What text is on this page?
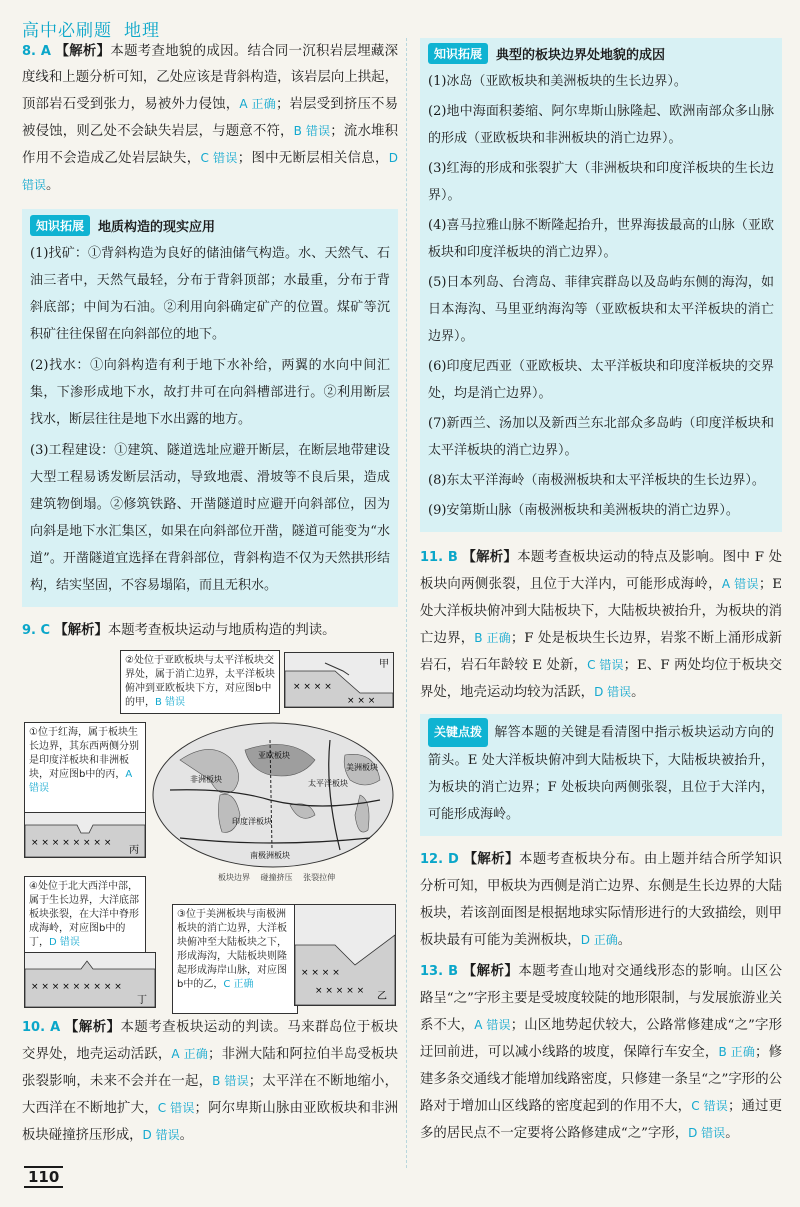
高中必刷题 地理

8. A 【解析】本题考查地貌的成因。结合同一沉积岩层埋藏深度线和上题分析可知，乙处应该是背斜构造，该岩层向上拱起，顶部岩石受到张力，易被外力侵蚀，A 正确；岩层受到挤压不易被侵蚀，则乙处不会缺失岩层，与题意不符，B 错误；流水堆积作用不会造成乙处岩层缺失，C 错误；图中无断层相关信息，D 错误。

知识拓展	地质构造的现实应用

(1)找矿：①背斜构造为良好的储油储气构造。水、天然气、石油三者中，天然气最轻，分布于背斜顶部；水最重，分布于背斜底部；中间为石油。②利用向斜确定矿产的位置。煤矿等沉积矿往往保留在向斜部位的地下。

(2)找水：①向斜构造有利于地下水补给，两翼的水向中间汇集，下渗形成地下水，故打井可在向斜槽部进行。②利用断层找水，断层往往是地下水出露的地方。

(3)工程建设：①建筑、隧道选址应避开断层，在断层地带建设大型工程易诱发断层活动，导致地震、滑坡等不良后果，造成建筑物倒塌。②修筑铁路、开凿隧道时应避开向斜部位，因为向斜是地下水汇集区，如果在向斜部位开凿，隧道可能变为“水道”。开凿隧道宜选择在背斜部位，背斜构造不仅为天然拱形结构，结实坚固，不容易塌陷，而且无积水。

9. C 【解析】本题考查板块运动与地质构造的判读。

②处位于亚欧板块与太平洋板块交界处，属于消亡边界，太平洋板块俯冲到亚欧板块下方，对应图b中的甲，B 错误
× × × ×
× × ×
甲
①位于红海，属于板块生长边界，其东西两侧分别是印度洋板块和非洲板块，对应图b中的丙，A 错误
× × × × × × × ×
丙
太平洋板块
印度洋板块
南极洲板块
亚欧板块
非洲板块
美洲板块
板块边界　 碰撞挤压　 张裂拉伸
④处位于北大西洋中部，属于生长边界，大洋底部板块张裂，在大洋中脊形成海岭，对应图b中的丁，D 错误
× × × × × × × × ×
丁
③位于美洲板块与南极洲板块的消亡边界，大洋板块俯冲至大陆板块之下，形成海沟，大陆板块则隆起形成海岸山脉，对应图b中的乙，C 正确
× × × ×
× × × × × 乙

10. A 【解析】本题考查板块运动的判读。马来群岛位于板块交界处，地壳运动活跃，A 正确；非洲大陆和阿拉伯半岛受板块张裂影响，未来不会并在一起，B 错误；太平洋在不断地缩小，大西洋在不断地扩大，C 错误；阿尔卑斯山脉由亚欧板块和非洲板块碰撞挤压形成，D 错误。

知识拓展	典型的板块边界处地貌的成因

(1)冰岛（亚欧板块和美洲板块的生长边界）。

(2)地中海面积萎缩、阿尔卑斯山脉隆起、欧洲南部众多山脉的形成（亚欧板块和非洲板块的消亡边界）。

(3)红海的形成和张裂扩大（非洲板块和印度洋板块的生长边界）。

(4)喜马拉雅山脉不断隆起抬升，世界海拔最高的山脉（亚欧板块和印度洋板块的消亡边界）。

(5)日本列岛、台湾岛、菲律宾群岛以及岛屿东侧的海沟，如日本海沟、马里亚纳海沟等（亚欧板块和太平洋板块的消亡边界）。

(6)印度尼西亚（亚欧板块、太平洋板块和印度洋板块的交界处，均是消亡边界）。

(7)新西兰、汤加以及新西兰东北部众多岛屿（印度洋板块和太平洋板块的消亡边界）。

(8)东太平洋海岭（南极洲板块和太平洋板块的生长边界）。

(9)安第斯山脉（南极洲板块和美洲板块的消亡边界）。

11. B 【解析】本题考查板块运动的特点及影响。图中 F 处板块向两侧张裂，且位于大洋内，可能形成海岭，A 错误；E 处大洋板块俯冲到大陆板块下，大陆板块被抬升，为板块的消亡边界，B 正确；F 处是板块生长边界，岩浆不断上涌形成新岩石，岩石年龄较 E 处新，C 错误；E、F 两处均位于板块交界处，地壳运动均较为活跃，D 错误。

关键点拨 解答本题的关键是看清图中指示板块运动方向的箭头。E 处大洋板块俯冲到大陆板块下，大陆板块被抬升，为板块的消亡边界；F 处板块向两侧张裂，且位于大洋内，可能形成海岭。

12. D 【解析】本题考查板块分布。由上题并结合所学知识分析可知，甲板块为西侧是消亡边界、东侧是生长边界的大陆板块，若该剖面图是根据地球实际情形进行的大致描绘，则甲板块最有可能为美洲板块，D 正确。

13. B 【解析】本题考查山地对交通线形态的影响。山区公路呈“之”字形主要是受坡度较陡的地形限制，与发展旅游业关系不大，A 错误；山区地势起伏较大，公路常修建成“之”字形迂回前进，可以减小线路的坡度，保障行车安全，B 正确；修建多条交通线才能增加线路密度，只修建一条呈“之”字形的公路对于增加山区线路的密度起到的作用不大，C 错误；通过更多的居民点不一定要将公路修建成“之”字形，D 错误。

110
